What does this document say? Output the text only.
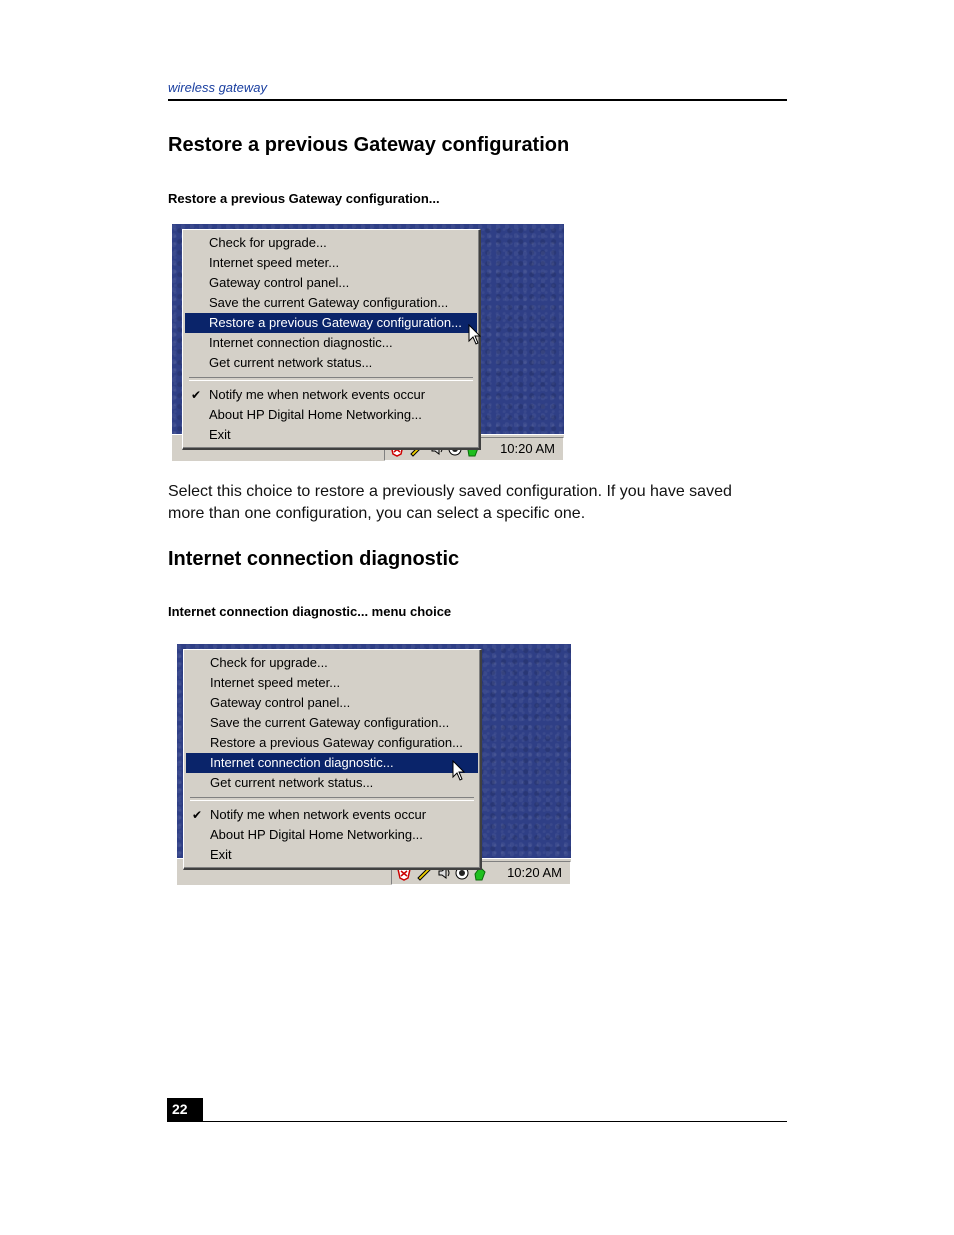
wireless gateway
Restore a previous Gateway configuration
Restore a previous Gateway configuration...
10:20 AM
Check for upgrade...
Internet speed meter...
Gateway control panel...
Save the current Gateway configuration...
Restore a previous Gateway configuration...
Internet connection diagnostic...
Get current network status...
✔ Notify me when network events occur
About HP Digital Home Networking...
Exit
Select this choice to restore a previously saved configuration. If you have saved more than one configuration, you can select a specific one.
Internet connection diagnostic
Internet connection diagnostic... menu choice
10:20 AM
Check for upgrade...
Internet speed meter...
Gateway control panel...
Save the current Gateway configuration...
Restore a previous Gateway configuration...
Internet connection diagnostic...
Get current network status...
✔ Notify me when network events occur
About HP Digital Home Networking...
Exit
22
